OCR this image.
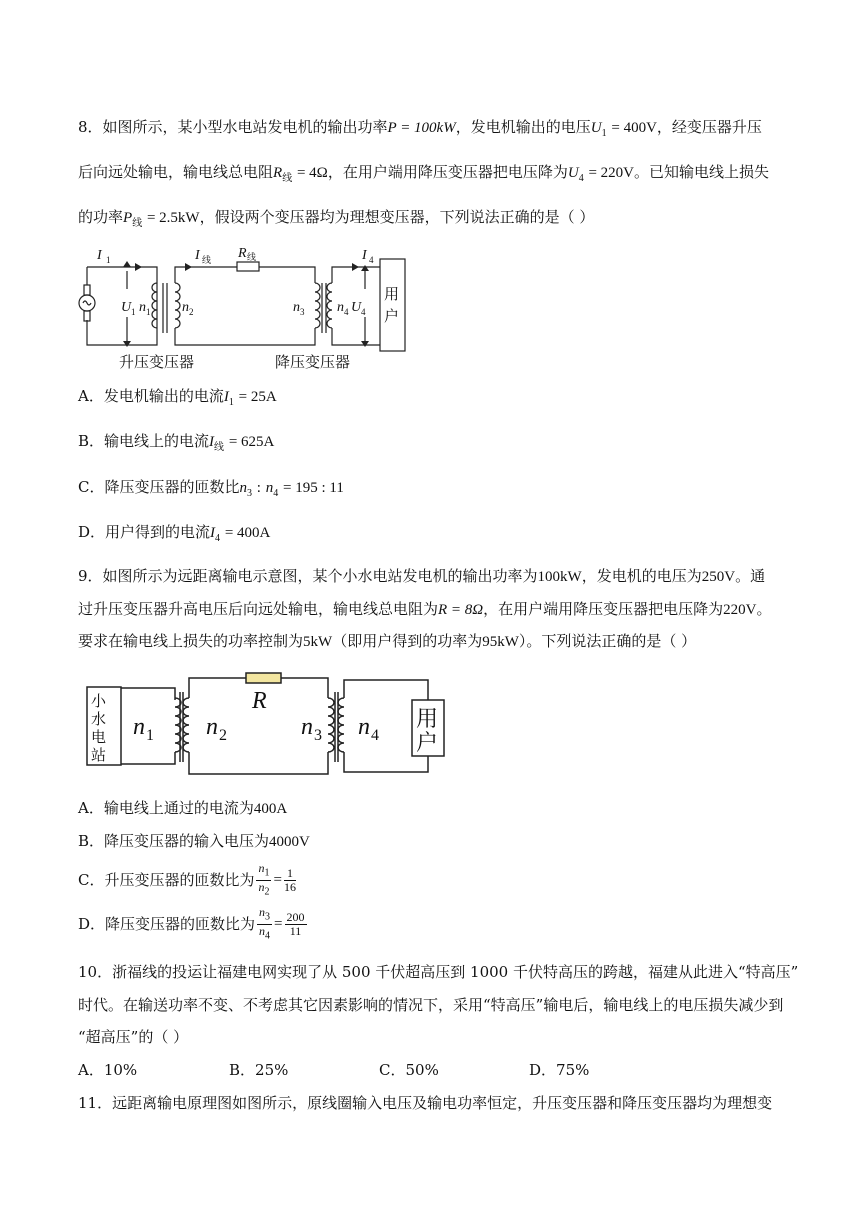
8．如图所示，某小型水电站发电机的输出功率P = 100kW，发电机输出的电压$U_1 = 400V$，经变压器升压
后向远处输电，输电线总电阻$R_线 = 4\Omega$，在用户端用降压变压器把电压降为$U_4 = 220V$。已知输电线上损失
的功率$P_线 = 2.5kW$，假设两个变压器均为理想变压器，下列说法正确的是（ ）
I 1	I 线 R 线	I 4
U 1 n 1 n 2	n 3 n 4 U 4
用
户
升压变压器	降压变压器
A．发电机输出的电流$I_1 = 25A$
B．输电线上的电流$I_线 = 625A$
C．降压变压器的匝数比$n_3$ : $n_4 = 195$ : 11
D．用户得到的电流$I_4 = 400A$
9．如图所示为远距离输电示意图，某个小水电站发电机的输出功率为100kW，发电机的电压为250V。通
过升压变压器升高电压后向远处输电，输电线总电阻为R = 8Ω，在用户端用降压变压器把电压降为220V。
要求在输电线上损失的功率控制为5kW（即用户得到的功率为95kW）。下列说法正确的是（ ）
小
水
电
站
R
n 1 n 2	n 3 n 4
用
户
A．输电线上通过的电流为400A
B．降压变压器的输入电压为4000V
C．升压变压器的匝数比为 $\frac{n_1}{n_2} = \frac{1}{16}$
D．降压变压器的匝数比为 $\frac{n_3}{n_4} = \frac{200}{11}$
10．浙福线的投运让福建电网实现了从 500 千伏超高压到 1000 千伏特高压的跨越，福建从此进入“特高压”
时代。在输送功率不变、不考虑其它因素影响的情况下，采用“特高压”输电后，输电线上的电压损失减少到
“超高压”的（ ）
A．10%	B．25%	C．50%	D．75%
11．远距离输电原理图如图所示，原线圈输入电压及输电功率恒定，升压变压器和降压变压器均为理想变
